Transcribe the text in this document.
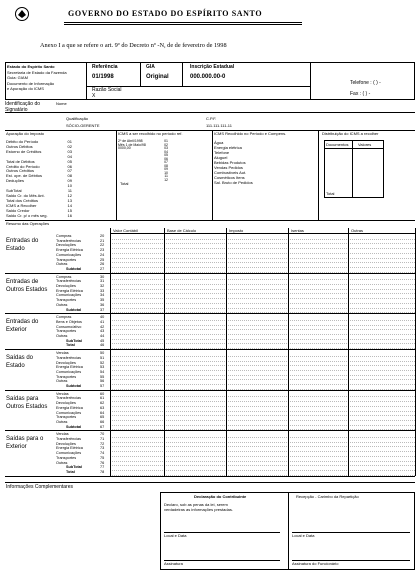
GOVERNO DO ESTADO DO ESPÍRITO SANTO
Anexo I a que se refere o art. 9º do Decreto nº -N, de de fevereiro de 1998
Estado do Espírito Santo
Secretaria de Estado da Fazenda
Guia: GIAM
Documento de Informação
e Apuração do ICMS
Referência
01/1998
GIA
Original
Inscrição Estadual
000.000.00-0
Razão Social
X
Telefone : ( ) -
Fax : ( ) -
Identificação do Signatário
Nome
Qualificação
SÓCIO-GERENTE
C.P.F.
111.111.111-11
Apuração do Imposto
Débito do Período	01
Outros Débitos	02
Estorno de Créditos	03
04
Total de Débitos	05
Crédito do Período	06
Outros Créditos	07
Est. ope. de Débitos	08
Deduções	09
10
SubTotal	11
Saldo Cr. do Mês Ant.	12
Total dos Créditos	13
ICMS a Recolher	14
Saldo Credor	15
Saldo Cr. p/ o mês seg.	16
ICMS a ser recolhido no período ref.
2º de Abril/1998	01
Mês 1 de Maio/98	02
0000,00	03
04
05
06
07
08
09
10
11
12
Total
ICMS Recolhido no Período e Compens.
Água
Energia elétrica
Telefone
Aluguel
Bebidas Produtos
Vendas Pedidos
Combustíveis Aut.
Cosméticos Itens
Sal. Bruto de Pedidos
Distribuição do ICMS a recolher
Documentos Valores
Total
Resumo das Operações
Valor Contábil	Base de Cálculo	Imposto	Isentas	Outras
Entradas do Estado
Compras	20
Transferências	21
Devoluções	22
Energia Elétrica	23
Comunicações	24
Transportes	25
Outras	26
Subtotal	27
Entradas de Outros Estados
Compras	30
Transferências	31
Devoluções	32
Energia Elétrica	33
Comunicações	34
Transportes	35
Outras	36
Subtotal	37
Entradas do Exterior
Compras	40
Bens e Objetos	41
Consumo/ativo	42
Transportes	43
Outras	44
SubTotal	45
Total	46
Saídas do Estado
Vendas	50
Transferências	51
Devoluções	52
Energia Elétrica	53
Comunicações	54
Transportes	55
Outras	56
Subtotal	57
Saídas para Outros Estados
Vendas	60
Transferências	61
Devoluções	62
Energia Elétrica	63
Comunicações	64
Transportes	65
Outras	66
Subtotal	67
Saídas para o Exterior
Vendas	70
Transferências	71
Devoluções	72
Energia Elétrica	73
Comunicações	74
Transportes	75
Outras	76
SubTotal	77
Total	78
Informações Complementares
Declaração do Contribuinte
Declaro, sob as penas da lei, serem
verdadeiras as informações prestadas.
Local e Data
Assinatura
Recepção - Carimbo da Repartição
Local e Data
Assinatura do Funcionário
